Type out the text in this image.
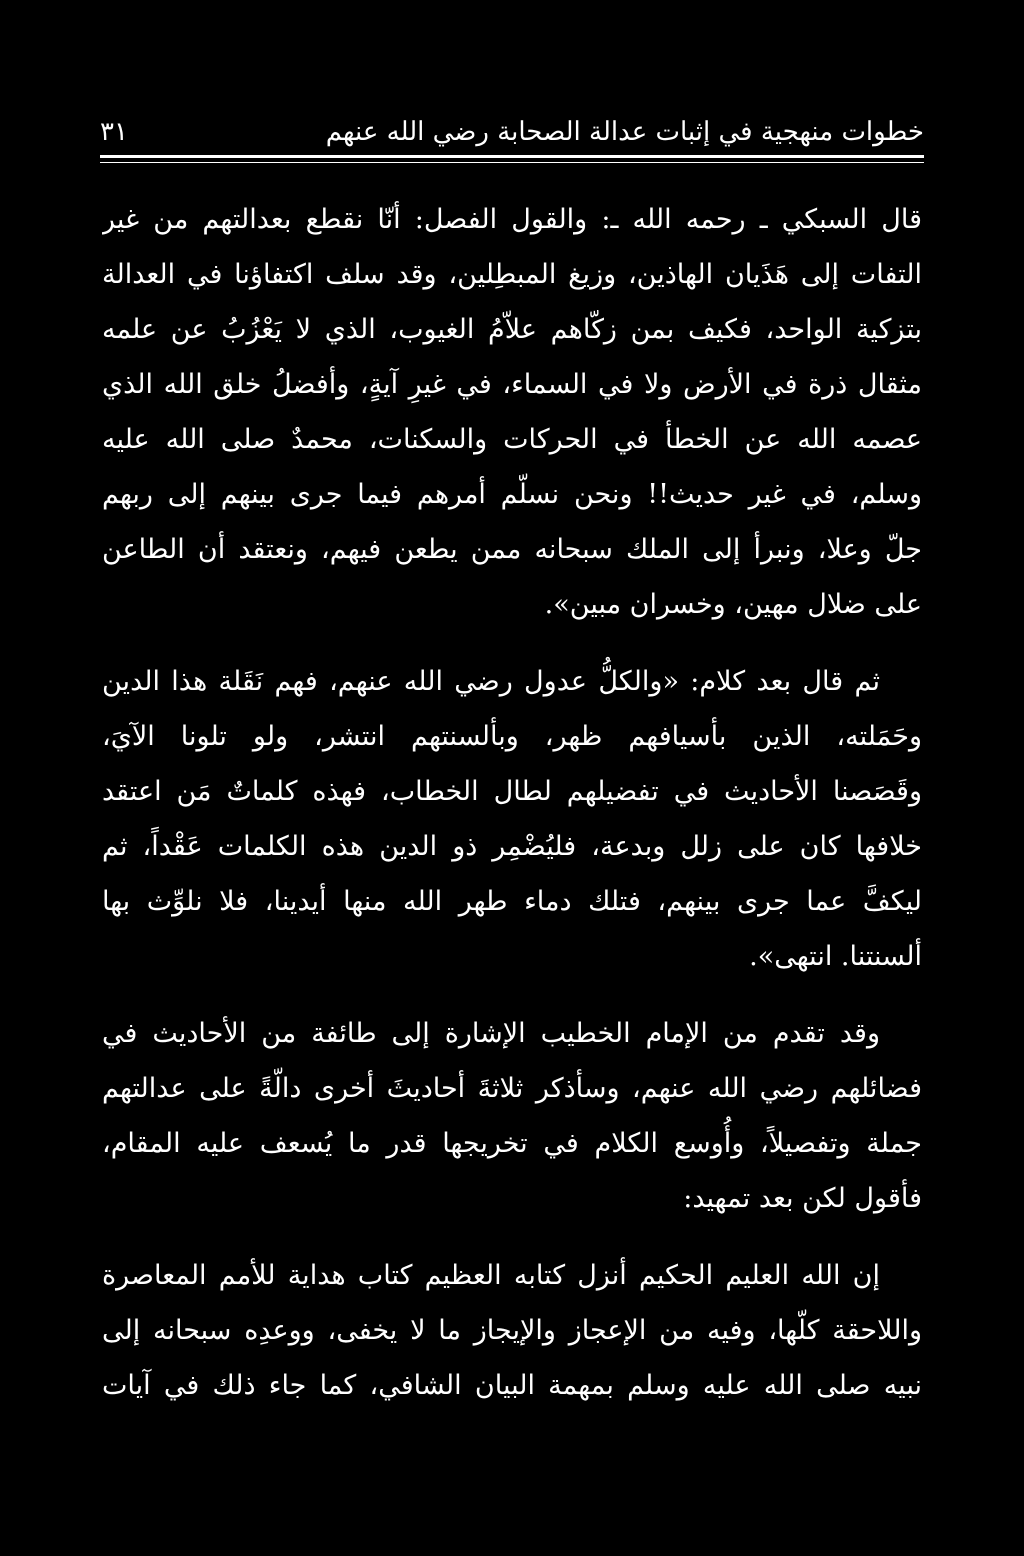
خطوات منهجية في إثبات عدالة الصحابة رضي الله عنهم
٣١
قال السبكي ـ رحمه الله ـ: والقول الفصل: أنّا نقطع بعدالتهم من غير
التفات إلى هَذَيان الهاذين، وزيغ المبطِلين، وقد سلف اكتفاؤنا في العدالة
بتزكية الواحد، فكيف بمن زكّاهم علاّمُ الغيوب، الذي لا يَعْزُبُ عن علمه
مثقال ذرة في الأرض ولا في السماء، في غيرِ آيةٍ، وأفضلُ خلق الله الذي
عصمه الله عن الخطأ في الحركات والسكنات، محمدٌ صلى الله عليه
وسلم، في غير حديث!! ونحن نسلّم أمرهم فيما جرى بينهم إلى ربهم
جلّ وعلا، ونبرأ إلى الملك سبحانه ممن يطعن فيهم، ونعتقد أن الطاعن
على ضلال مهين، وخسران مبين».
ثم قال بعد كلام: «والكلُّ عدول رضي الله عنهم، فهم نَقَلة هذا الدين
وحَمَلته، الذين بأسيافهم ظهر، وبألسنتهم انتشر، ولو تلونا الآيَ،
وقَصَصنا الأحاديث في تفضيلهم لطال الخطاب، فهذه كلماتٌ مَن اعتقد
خلافها كان على زلل وبدعة، فليُضْمِر ذو الدين هذه الكلمات عَقْداً، ثم
ليكفَّ عما جرى بينهم، فتلك دماء طهر الله منها أيدينا، فلا نلوِّث بها
ألسنتنا. انتهى».
وقد تقدم من الإمام الخطيب الإشارة إلى طائفة من الأحاديث في
فضائلهم رضي الله عنهم، وسأذكر ثلاثةَ أحاديثَ أخرى دالّةً على عدالتهم
جملة وتفصيلاً، وأُوسع الكلام في تخريجها قدر ما يُسعف عليه المقام،
فأقول لكن بعد تمهيد:
إن الله العليم الحكيم أنزل كتابه العظيم كتاب هداية للأمم المعاصرة
واللاحقة كلّها، وفيه من الإعجاز والإيجاز ما لا يخفى، ووعدِه سبحانه إلى
نبيه صلى الله عليه وسلم بمهمة البيان الشافي، كما جاء ذلك في آيات
